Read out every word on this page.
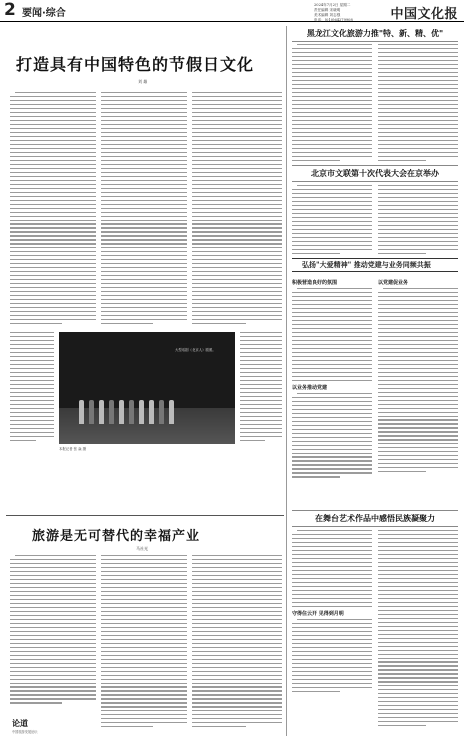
2 要闻·综合
2024年7月2日 星期二
责任编辑 宋晓明
美术编辑 刘志强
电话：(010)64279908	中国文化报
打造具有中国特色的节假日文化
刘 雄
大型话剧《北京人》剧照。
本报记者 张 焱 摄
旅游是无可替代的幸福产业
马社光
论道
中国旅游发展论坛
黑龙江文化旅游力推"特、新、精、优"
北京市文联第十次代表大会在京举办
弘扬"大爱精神" 推动党建与业务同频共振
积极营造良好的氛围
以业务推动党建
以党建促业务
在舞台艺术作品中感悟民族凝聚力
守得住云开 见得到月明
